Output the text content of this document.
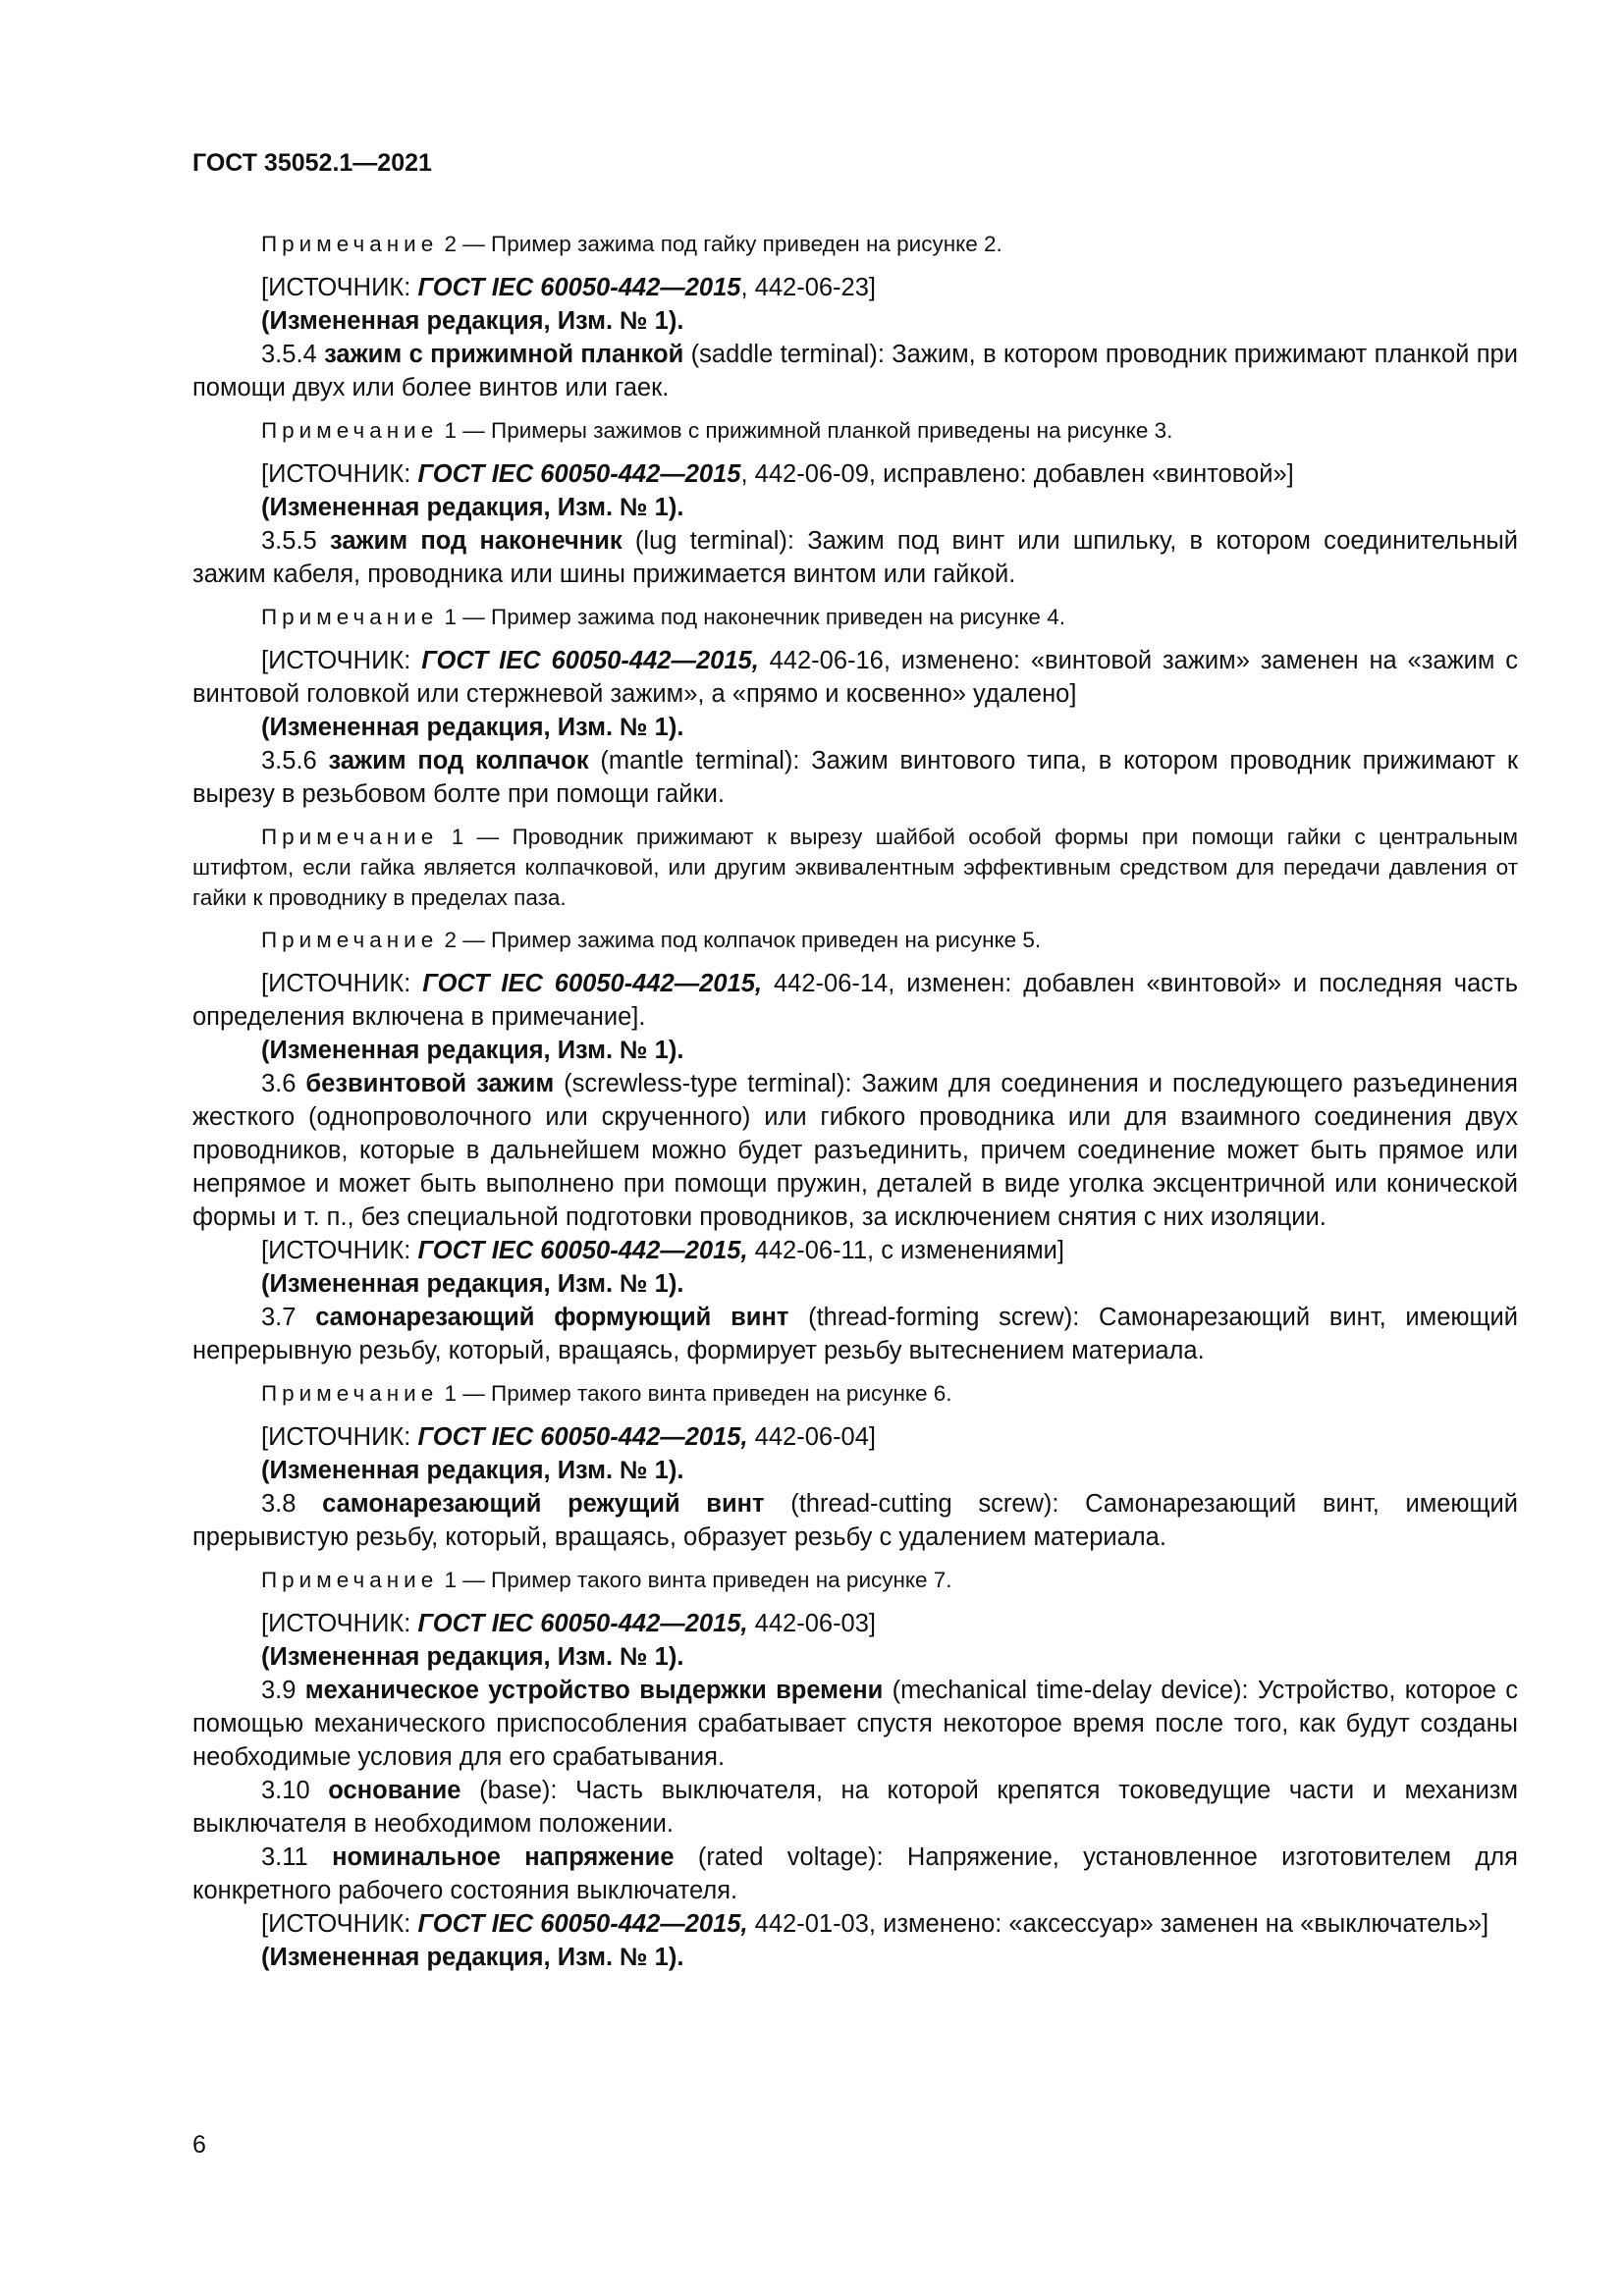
ГОСТ 35052.1—2021

Примечание 2 — Пример зажима под гайку приведен на рисунке 2.

[ИСТОЧНИК: ГОСТ IEC 60050-442—2015, 442-06-23]

(Измененная редакция, Изм. № 1).

3.5.4 зажим с прижимной планкой (saddle terminal): Зажим, в котором проводник прижимают планкой при помощи двух или более винтов или гаек.

Примечание 1 — Примеры зажимов с прижимной планкой приведены на рисунке 3.

[ИСТОЧНИК: ГОСТ IEC 60050-442—2015, 442-06-09, исправлено: добавлен «винтовой»]

(Измененная редакция, Изм. № 1).

3.5.5 зажим под наконечник (lug terminal): Зажим под винт или шпильку, в котором соединительный зажим кабеля, проводника или шины прижимается винтом или гайкой.

Примечание 1 — Пример зажима под наконечник приведен на рисунке 4.

[ИСТОЧНИК: ГОСТ IEC 60050-442—2015, 442-06-16, изменено: «винтовой зажим» заменен на «зажим с винтовой головкой или стержневой зажим», а «прямо и косвенно» удалено]

(Измененная редакция, Изм. № 1).

3.5.6 зажим под колпачок (mantle terminal): Зажим винтового типа, в котором проводник прижимают к вырезу в резьбовом болте при помощи гайки.

Примечание 1 — Проводник прижимают к вырезу шайбой особой формы при помощи гайки с центральным штифтом, если гайка является колпачковой, или другим эквивалентным эффективным средством для передачи давления от гайки к проводнику в пределах паза.

Примечание 2 — Пример зажима под колпачок приведен на рисунке 5.

[ИСТОЧНИК: ГОСТ IEC 60050-442—2015, 442-06-14, изменен: добавлен «винтовой» и последняя часть определения включена в примечание].

(Измененная редакция, Изм. № 1).

3.6 безвинтовой зажим (screwless-type terminal): Зажим для соединения и последующего разъединения жесткого (однопроволочного или скрученного) или гибкого проводника или для взаимного соединения двух проводников, которые в дальнейшем можно будет разъединить, причем соединение может быть прямое или непрямое и может быть выполнено при помощи пружин, деталей в виде уголка эксцентричной или конической формы и т. п., без специальной подготовки проводников, за исключением снятия с них изоляции.

[ИСТОЧНИК: ГОСТ IEC 60050-442—2015, 442-06-11, с изменениями]

(Измененная редакция, Изм. № 1).

3.7 самонарезающий формующий винт (thread-forming screw): Самонарезающий винт, имеющий непрерывную резьбу, который, вращаясь, формирует резьбу вытеснением материала.

Примечание 1 — Пример такого винта приведен на рисунке 6.

[ИСТОЧНИК: ГОСТ IEC 60050-442—2015, 442-06-04]

(Измененная редакция, Изм. № 1).

3.8 самонарезающий режущий винт (thread-cutting screw): Самонарезающий винт, имеющий прерывистую резьбу, который, вращаясь, образует резьбу с удалением материала.

Примечание 1 — Пример такого винта приведен на рисунке 7.

[ИСТОЧНИК: ГОСТ IEC 60050-442—2015, 442-06-03]

(Измененная редакция, Изм. № 1).

3.9 механическое устройство выдержки времени (mechanical time-delay device): Устройство, которое с помощью механического приспособления срабатывает спустя некоторое время после того, как будут созданы необходимые условия для его срабатывания.

3.10 основание (base): Часть выключателя, на которой крепятся токоведущие части и механизм выключателя в необходимом положении.

3.11 номинальное напряжение (rated voltage): Напряжение, установленное изготовителем для конкретного рабочего состояния выключателя.

[ИСТОЧНИК: ГОСТ IEC 60050-442—2015, 442-01-03, изменено: «аксессуар» заменен на «выключатель»]

(Измененная редакция, Изм. № 1).

6
